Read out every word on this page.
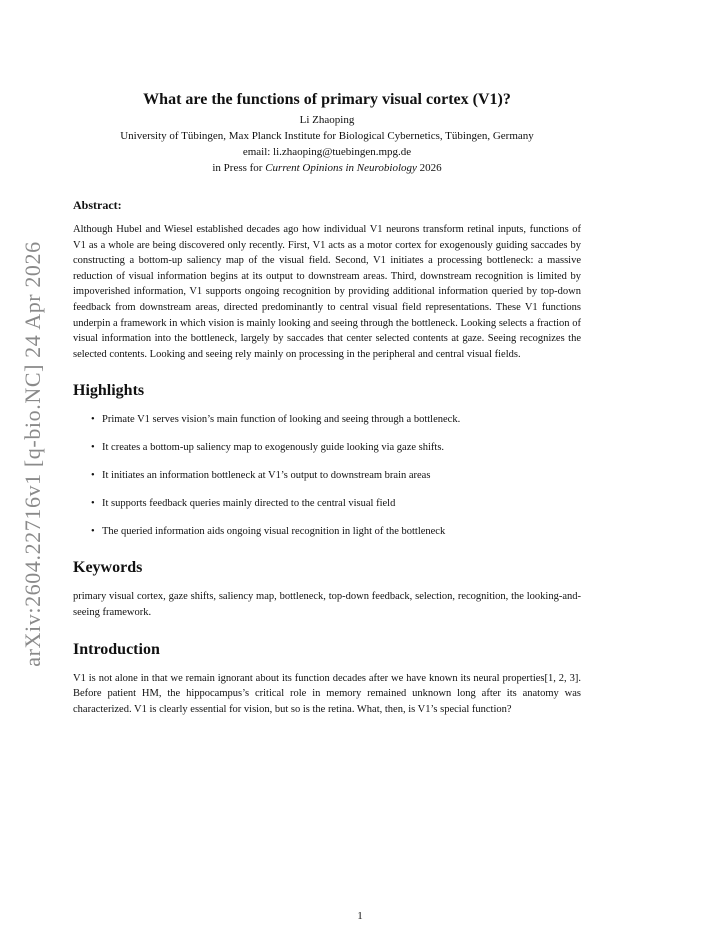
arXiv:2604.22716v1 [q-bio.NC] 24 Apr 2026
What are the functions of primary visual cortex (V1)?
Li Zhaoping
University of Tübingen, Max Planck Institute for Biological Cybernetics, Tübingen, Germany
email: li.zhaoping@tuebingen.mpg.de
in Press for Current Opinions in Neurobiology 2026
Abstract:

Although Hubel and Wiesel established decades ago how individual V1 neurons transform retinal inputs, functions of V1 as a whole are being discovered only recently. First, V1 acts as a motor cortex for exogenously guiding saccades by constructing a bottom-up saliency map of the visual field. Second, V1 initiates a processing bottleneck: a massive reduction of visual information begins at its output to downstream areas. Third, downstream recognition is limited by impoverished information, V1 supports ongoing recognition by providing additional information queried by top-down feedback from downstream areas, directed predominantly to central visual field representations. These V1 functions underpin a framework in which vision is mainly looking and seeing through the bottleneck. Looking selects a fraction of visual information into the bottleneck, largely by saccades that center selected contents at gaze. Seeing recognizes the selected contents. Looking and seeing rely mainly on processing in the peripheral and central visual fields.

Highlights
• Primate V1 serves vision’s main function of looking and seeing through a bottleneck.
• It creates a bottom-up saliency map to exogenously guide looking via gaze shifts.
• It initiates an information bottleneck at V1’s output to downstream brain areas
• It supports feedback queries mainly directed to the central visual field
• The queried information aids ongoing visual recognition in light of the bottleneck
Keywords

primary visual cortex, gaze shifts, saliency map, bottleneck, top-down feedback, selection, recognition, the looking-and-seeing framework.

Introduction

V1 is not alone in that we remain ignorant about its function decades after we have known its neural properties[1, 2, 3]. Before patient HM, the hippocampus’s critical role in memory remained unknown long after its anatomy was characterized. V1 is clearly essential for vision, but so is the retina. What, then, is V1’s special function?

1
